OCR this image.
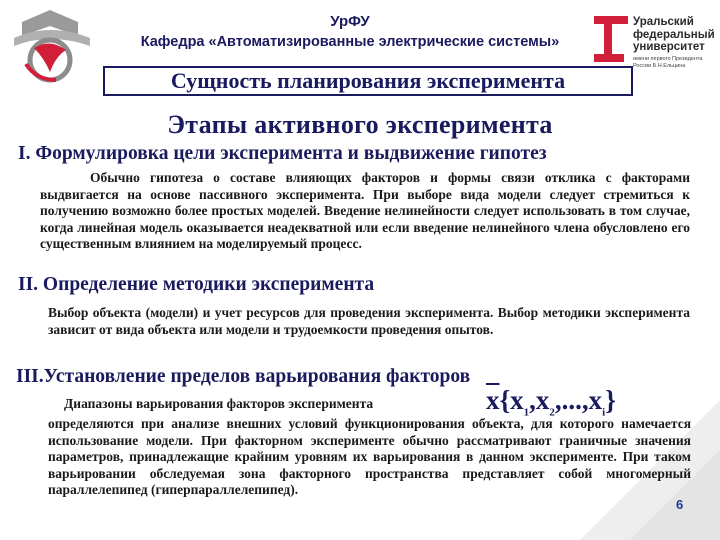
УрФУ
Кафедра «Автоматизированные электрические системы»
Уральский
федеральный
университет
имени первого Президента
России Б.Н.Ельцина
Сущность планирования эксперимента
Этапы активного эксперимента
I. Формулировка цели эксперимента и выдвижение гипотез

Обычно гипотеза о составе влияющих факторов и формы связи отклика с факторами выдвигается на основе пассивного эксперимента. При выборе вида модели следует стремиться к получению возможно более простых моделей. Введение нелинейности следует использовать в том случае, когда линейная модель оказывается неадекватной или если введение нелинейного члена обусловлено его существенным влиянием на моделируемый процесс.

II. Определение методики эксперимента

Выбор объекта (модели) и учет ресурсов для проведения эксперимента. Выбор методики эксперимента зависит от вида объекта или модели и трудоемкости проведения опытов.

III.Установление пределов варьирования факторов
Диапазоны варьирования факторов эксперимента	$\overline{x}\{x_1,x_2,...,x_i\}$

определяются при анализе внешних условий функционирования объекта, для которого намечается использование модели. При факторном эксперименте обычно рассматривают граничные значения параметров, принадлежащие крайним уровням их варьирования в данном эксперименте. При таком варьировании обследуемая зона факторного пространства представляет собой многомерный параллелепипед (гиперпараллелепипед).

6
